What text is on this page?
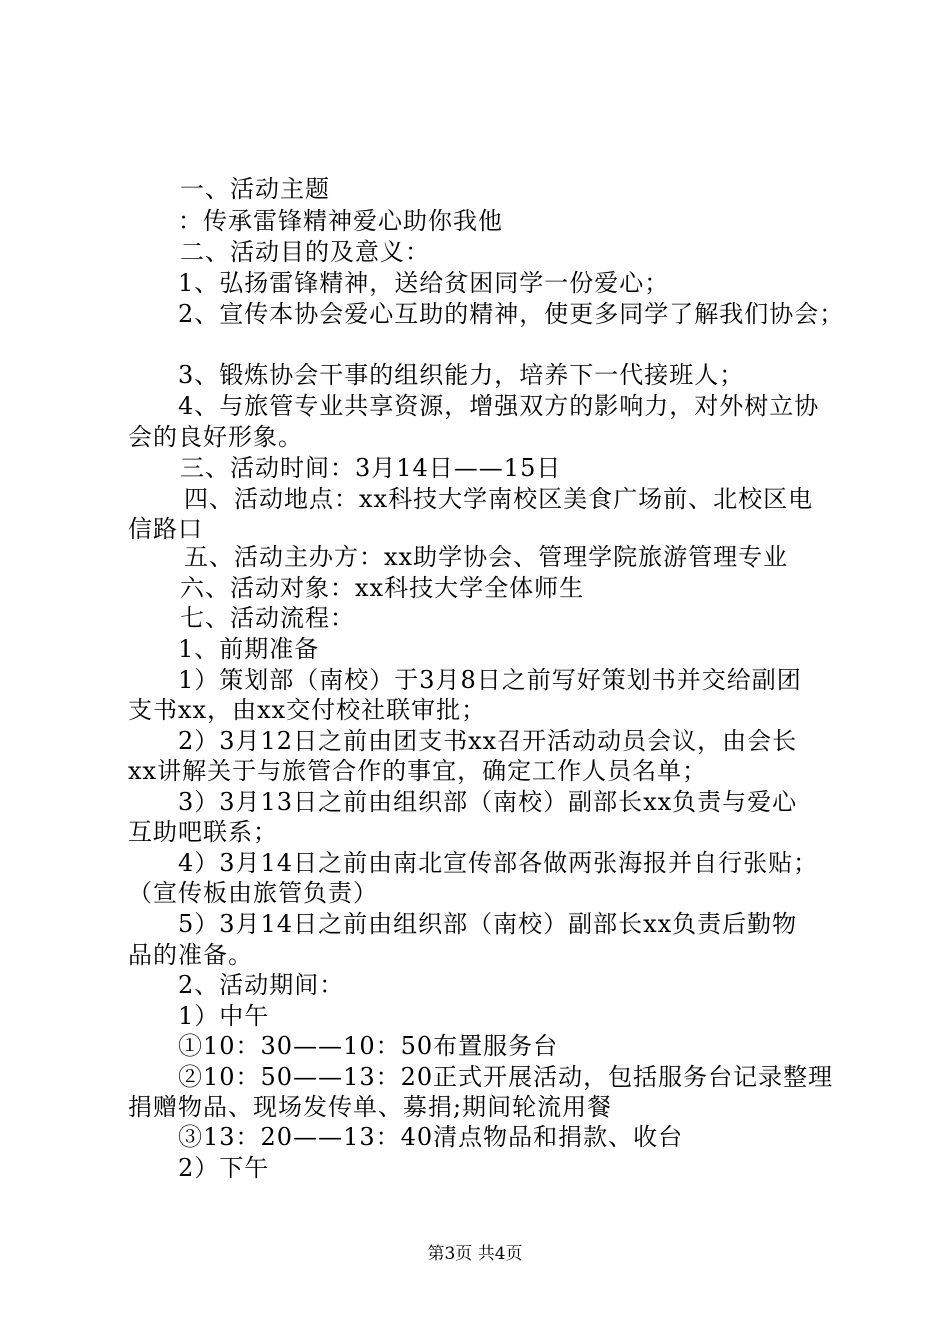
一、活动主题
：传承雷锋精神爱心助你我他
二、活动目的及意义：
1、弘扬雷锋精神，送给贫困同学一份爱心；
2、宣传本协会爱心互助的精神，使更多同学了解我们协会；
3、锻炼协会干事的组织能力，培养下一代接班人；
4、与旅管专业共享资源，增强双方的影响力，对外树立协
会的良好形象。
三、活动时间：3月14日——15日
四、活动地点：xx科技大学南校区美食广场前、北校区电
信路口
五、活动主办方：xx助学协会、管理学院旅游管理专业
六、活动对象：xx科技大学全体师生
七、活动流程：
1、前期准备
1）策划部（南校）于3月8日之前写好策划书并交给副团
支书xx，由xx交付校社联审批；
2）3月12日之前由团支书xx召开活动动员会议，由会长
xx讲解关于与旅管合作的事宜，确定工作人员名单；
3）3月13日之前由组织部（南校）副部长xx负责与爱心
互助吧联系；
4）3月14日之前由南北宣传部各做两张海报并自行张贴；
（宣传板由旅管负责）
5）3月14日之前由组织部（南校）副部长xx负责后勤物
品的准备。
2、活动期间：
1）中午
①10：30——10：50布置服务台
②10：50——13：20正式开展活动，包括服务台记录整理
捐赠物品、现场发传单、募捐;期间轮流用餐
③13：20——13：40清点物品和捐款、收台
2）下午
第3页 共4页
